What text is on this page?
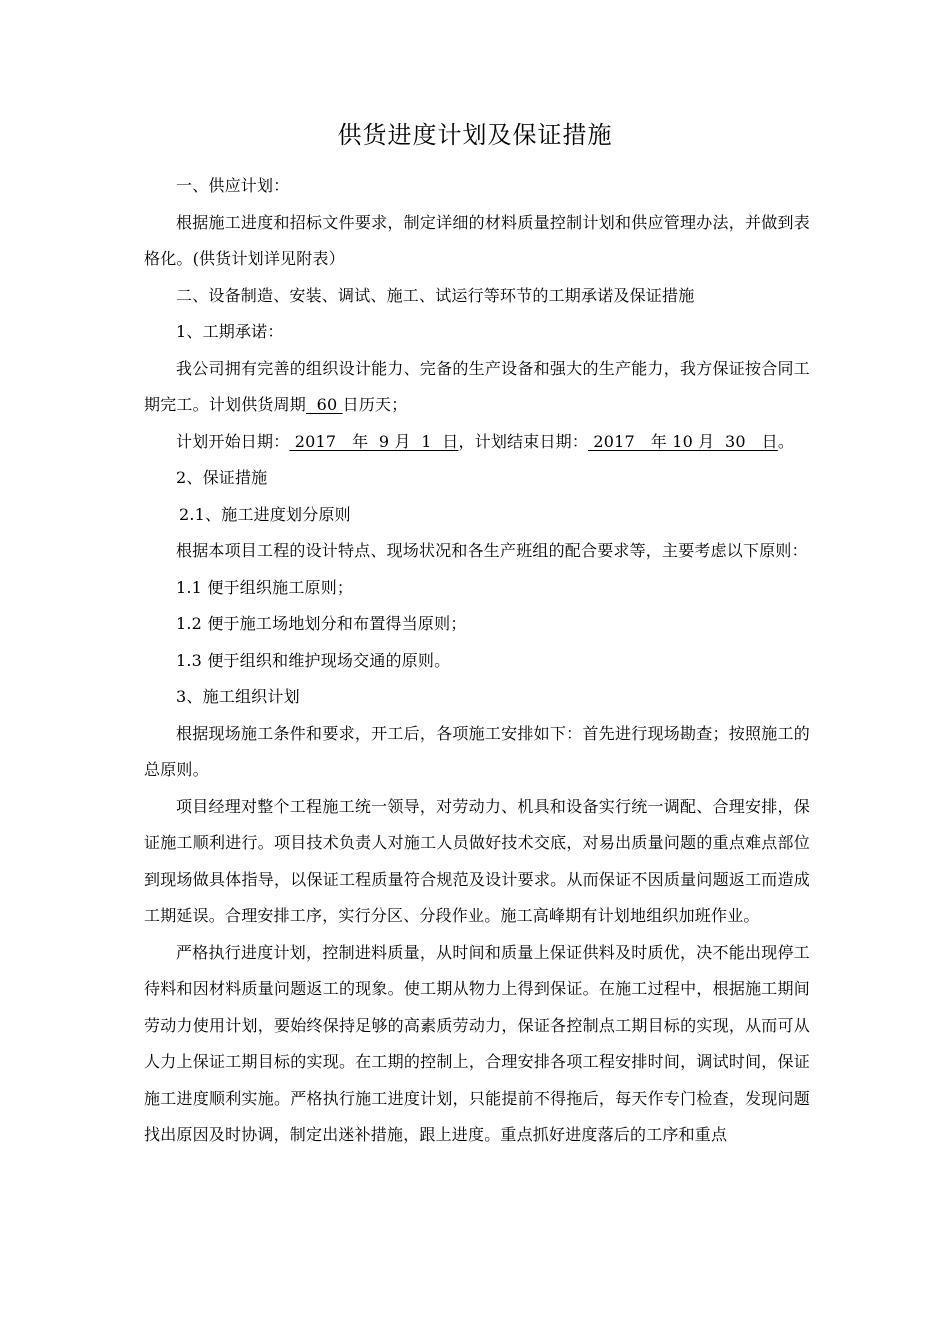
供货进度计划及保证措施

一、供应计划：

根据施工进度和招标文件要求，制定详细的材料质量控制计划和供应管理办法，并做到表格化。(供货计划详见附表）

二、设备制造、安装、调试、施工、试运行等环节的工期承诺及保证措施

1、工期承诺：

我公司拥有完善的组织设计能力、完备的生产设备和强大的生产能力，我方保证按合同工期完工。计划供货周期  60 日历天；

计划开始日期： 2017   年  9 月  1  日，计划结束日期： 2017   年 10 月  30   日。

2、保证措施

2.1、施工进度划分原则

根据本项目工程的设计特点、现场状况和各生产班组的配合要求等，主要考虑以下原则：

1.1 便于组织施工原则；

1.2 便于施工场地划分和布置得当原则；

1.3 便于组织和维护现场交通的原则。

3、施工组织计划

根据现场施工条件和要求，开工后，各项施工安排如下：首先进行现场勘查；按照施工的总原则。

项目经理对整个工程施工统一领导，对劳动力、机具和设备实行统一调配、合理安排，保证施工顺利进行。项目技术负责人对施工人员做好技术交底，对易出质量问题的重点难点部位到现场做具体指导，以保证工程质量符合规范及设计要求。从而保证不因质量问题返工而造成工期延误。合理安排工序，实行分区、分段作业。施工高峰期有计划地组织加班作业。

严格执行进度计划，控制进料质量，从时间和质量上保证供料及时质优，决不能出现停工待料和因材料质量问题返工的现象。使工期从物力上得到保证。在施工过程中，根据施工期间劳动力使用计划，要始终保持足够的高素质劳动力，保证各控制点工期目标的实现，从而可从人力上保证工期目标的实现。在工期的控制上，合理安排各项工程安排时间，调试时间，保证施工进度顺利实施。严格执行施工进度计划，只能提前不得拖后，每天作专门检查，发现问题找出原因及时协调，制定出迷补措施，跟上进度。重点抓好进度落后的工序和重点
